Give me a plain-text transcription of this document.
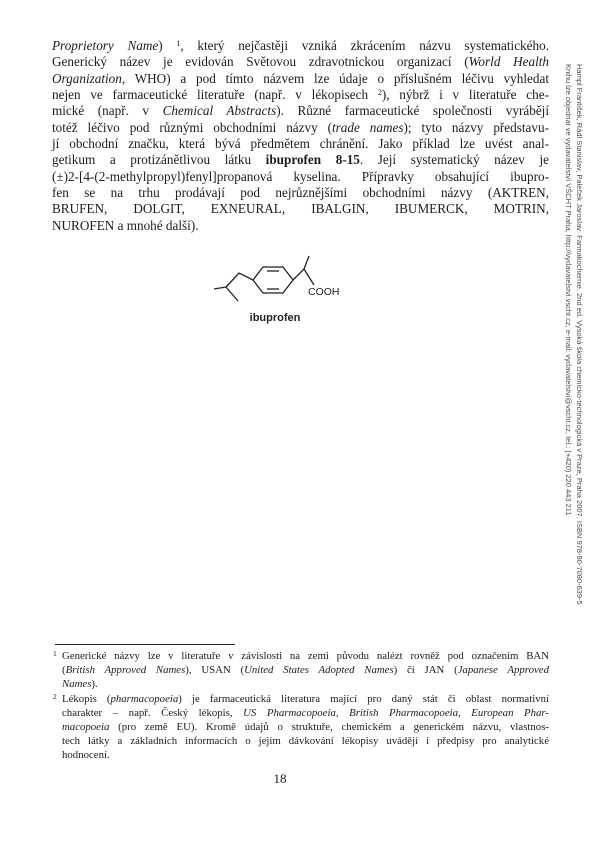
Proprietory Name) $^1$, který nejčastěji vzniká zkrácením názvu systematického.
Generický název je evidován Světovou zdravotnickou organizací (World Health
Organization, WHO) a pod tímto názvem lze údaje o příslušném léčivu vyhledat
nejen ve farmaceutické literatuře (např. v lékopisech $^2$), nýbrž i v literatuře che-
mické (např. v Chemical Abstracts). Různé farmaceutické společnosti vyrábějí
totéž léčivo pod různými obchodními názvy (trade names); tyto názvy představu-
jí obchodní značku, která bývá předmětem chránění. Jako příklad lze uvést anal-
getikum a protizánětlivou látku ibuprofen 8-15. Její systematický název je
(±)2-[4-(2-methylpropyl)fenyl]propanová kyselina. Přípravky obsahující ibupro-
fen se na trhu prodávají pod nejrůznějšími obchodními názvy (AKTREN,
BRUFEN, DOLGIT, EXNEURAL, IBALGIN, IBUMERCK, MOTRIN,
NUROFEN a mnohé další).
COOH
ibuprofen
1 Generické názvy lze v literatuře v závislosti na zemi původu nalézt rovněž pod označením BAN
(British Approved Names), USAN (United States Adopted Names) či JAN (Japanese Approved
Names).
2 Lékopis (pharmacopoeia) je farmaceutická literatura mající pro daný stát či oblast normativní
charakter – např. Český lékopis, US Pharmacopoeia, British Pharmacopoeia, European Phar-
macopoeia (pro země EU). Kromě údajů o struktuře, chemickém a generickém názvu, vlastnos-
tech látky a základních informacích o jejím dávkování lékopisy uvádějí i předpisy pro analytické
hodnocení.
18
Hampl František, Rádl Stanislav, Paleček Jaroslav: Farmakochemie. 2nd ed. Vysoká škola chemicko-technologická v Praze, Praha 2007. ISBN 978-80-7080-639-5
Knihu lze objednat ve vydavatelství VŠCHT Praha, http://vydavatelstvi.vscht.cz, e-mail: vydavatelstvi@vscht.cz, tel.: (+420) 220 443 211
